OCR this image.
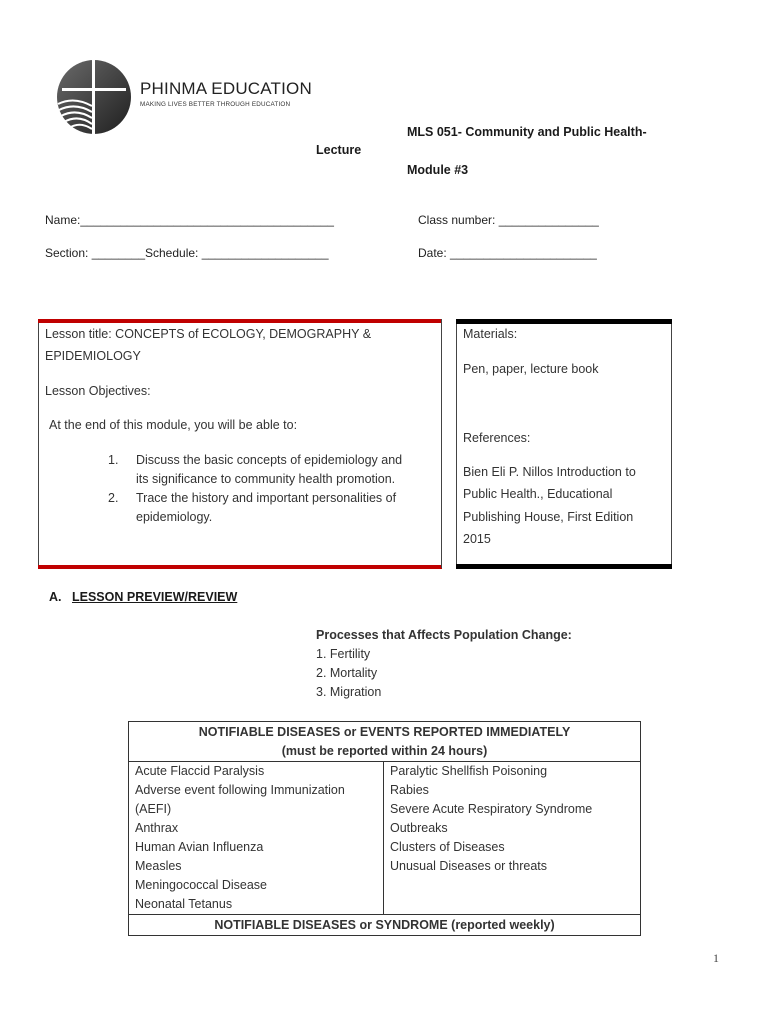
PHINMA EDUCATION
MAKING LIVES BETTER THROUGH EDUCATION
MLS 051- Community and Public Health-
Lecture
Module #3
Name:______________________________________	Class number: _______________
Section: ________ Schedule: ___________________	Date: ______________________
Lesson title: CONCEPTS of ECOLOGY, DEMOGRAPHY &
EPIDEMIOLOGY
Lesson Objectives:
At the end of this module, you will be able to:
1. Discuss the basic concepts of epidemiology and
its significance to community health promotion.
2. Trace the history and important personalities of
epidemiology.
Materials:
Pen, paper, lecture book
References:
Bien Eli P. Nillos Introduction to
Public Health., Educational
Publishing House, First Edition
2015
A. LESSON PREVIEW/REVIEW
Processes that Affects Population Change:
1. Fertility
2. Mortality
3. Migration
NOTIFIABLE DISEASES or EVENTS REPORTED IMMEDIATELY
(must be reported within 24 hours)

Acute Flaccid Paralysis
Adverse event following Immunization
(AEFI)
Anthrax
Human Avian Influenza
Measles
Meningococcal Disease
Neonatal Tetanus

Paralytic Shellfish Poisoning
Rabies
Severe Acute Respiratory Syndrome
Outbreaks
Clusters of Diseases
Unusual Diseases or threats

NOTIFIABLE DISEASES or SYNDROME (reported weekly)
1
